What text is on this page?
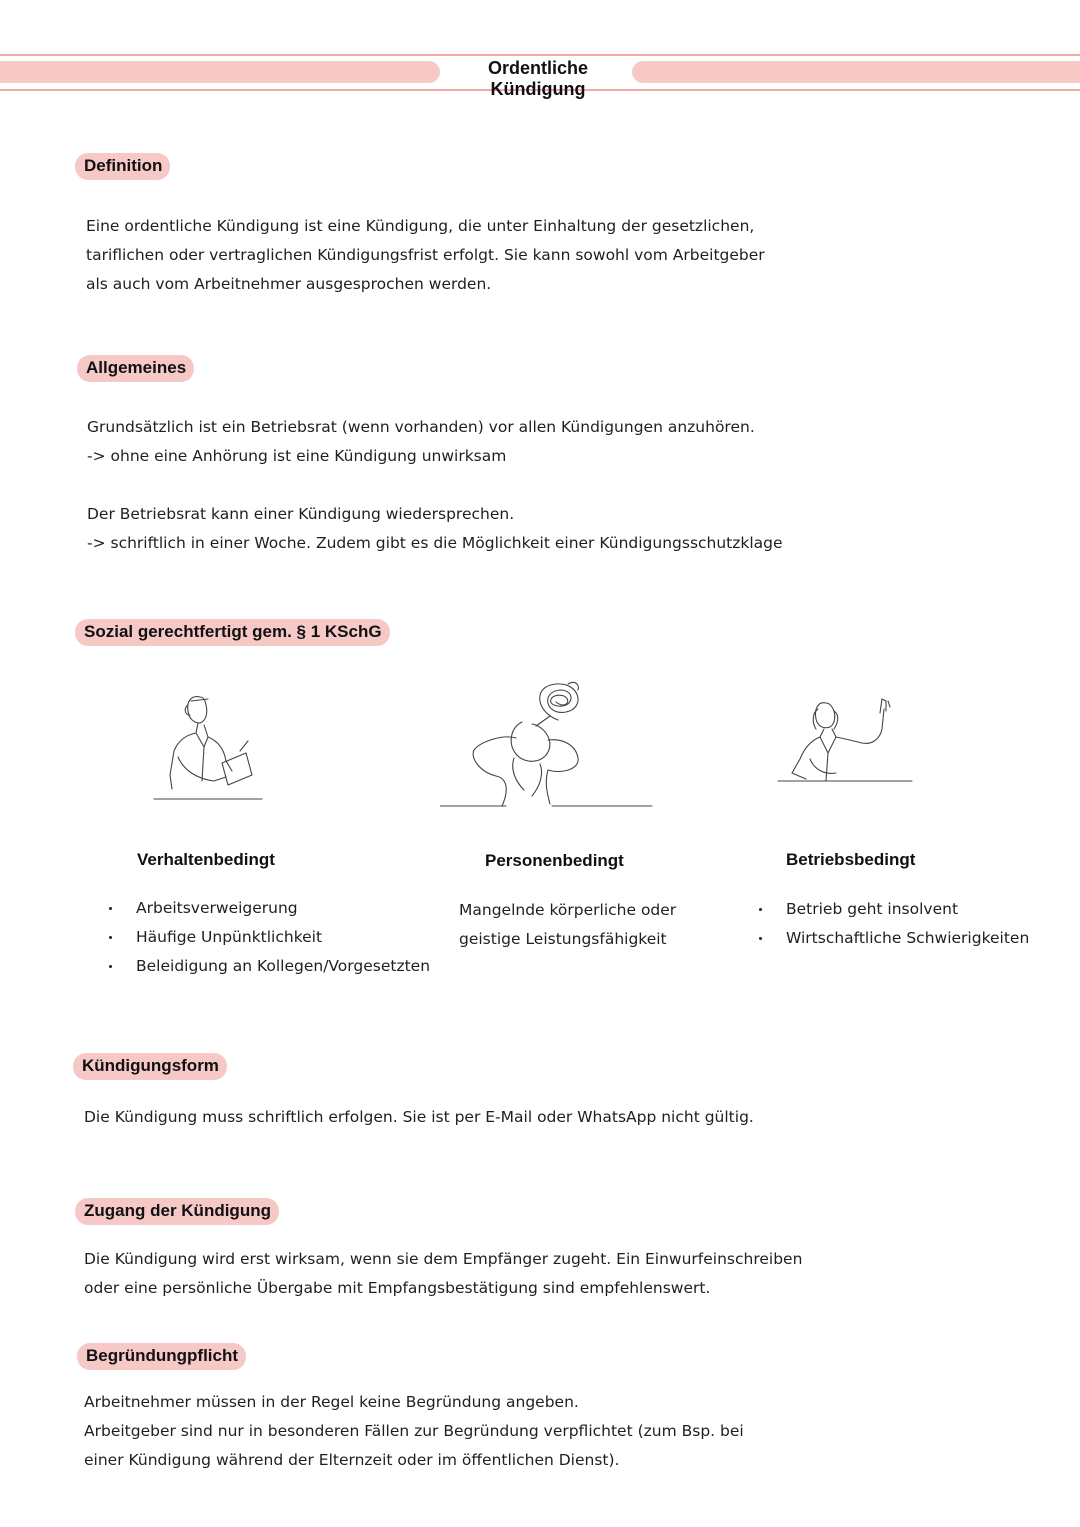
Ordentliche Kündigung
Definition
Eine ordentliche Kündigung ist eine Kündigung, die unter Einhaltung der gesetzlichen,
tariflichen oder vertraglichen Kündigungsfrist erfolgt. Sie kann sowohl vom Arbeitgeber
als auch vom Arbeitnehmer ausgesprochen werden.
Allgemeines
Grundsätzlich ist ein Betriebsrat (wenn vorhanden) vor allen Kündigungen anzuhören.
-> ohne eine Anhörung ist eine Kündigung unwirksam
Der Betriebsrat kann einer Kündigung wiedersprechen.
-> schriftlich in einer Woche. Zudem gibt es die Möglichkeit einer Kündigungsschutzklage
Sozial gerechtfertigt gem. § 1 KSchG
Verhaltenbedingt
Arbeitsverweigerung
Häufige Unpünktlichkeit
Beleidigung an Kollegen/Vorgesetzten
Personenbedingt
Mangelnde körperliche oder
geistige Leistungsfähigkeit
Betriebsbedingt
Betrieb geht insolvent
Wirtschaftliche Schwierigkeiten
Kündigungsform
Die Kündigung muss schriftlich erfolgen. Sie ist per E-Mail oder WhatsApp nicht gültig.
Zugang der Kündigung
Die Kündigung wird erst wirksam, wenn sie dem Empfänger zugeht. Ein Einwurfeinschreiben
oder eine persönliche Übergabe mit Empfangsbestätigung sind empfehlenswert.
Begründungpflicht
Arbeitnehmer müssen in der Regel keine Begründung angeben.
Arbeitgeber sind nur in besonderen Fällen zur Begründung verpflichtet (zum Bsp. bei
einer Kündigung während der Elternzeit oder im öffentlichen Dienst).
